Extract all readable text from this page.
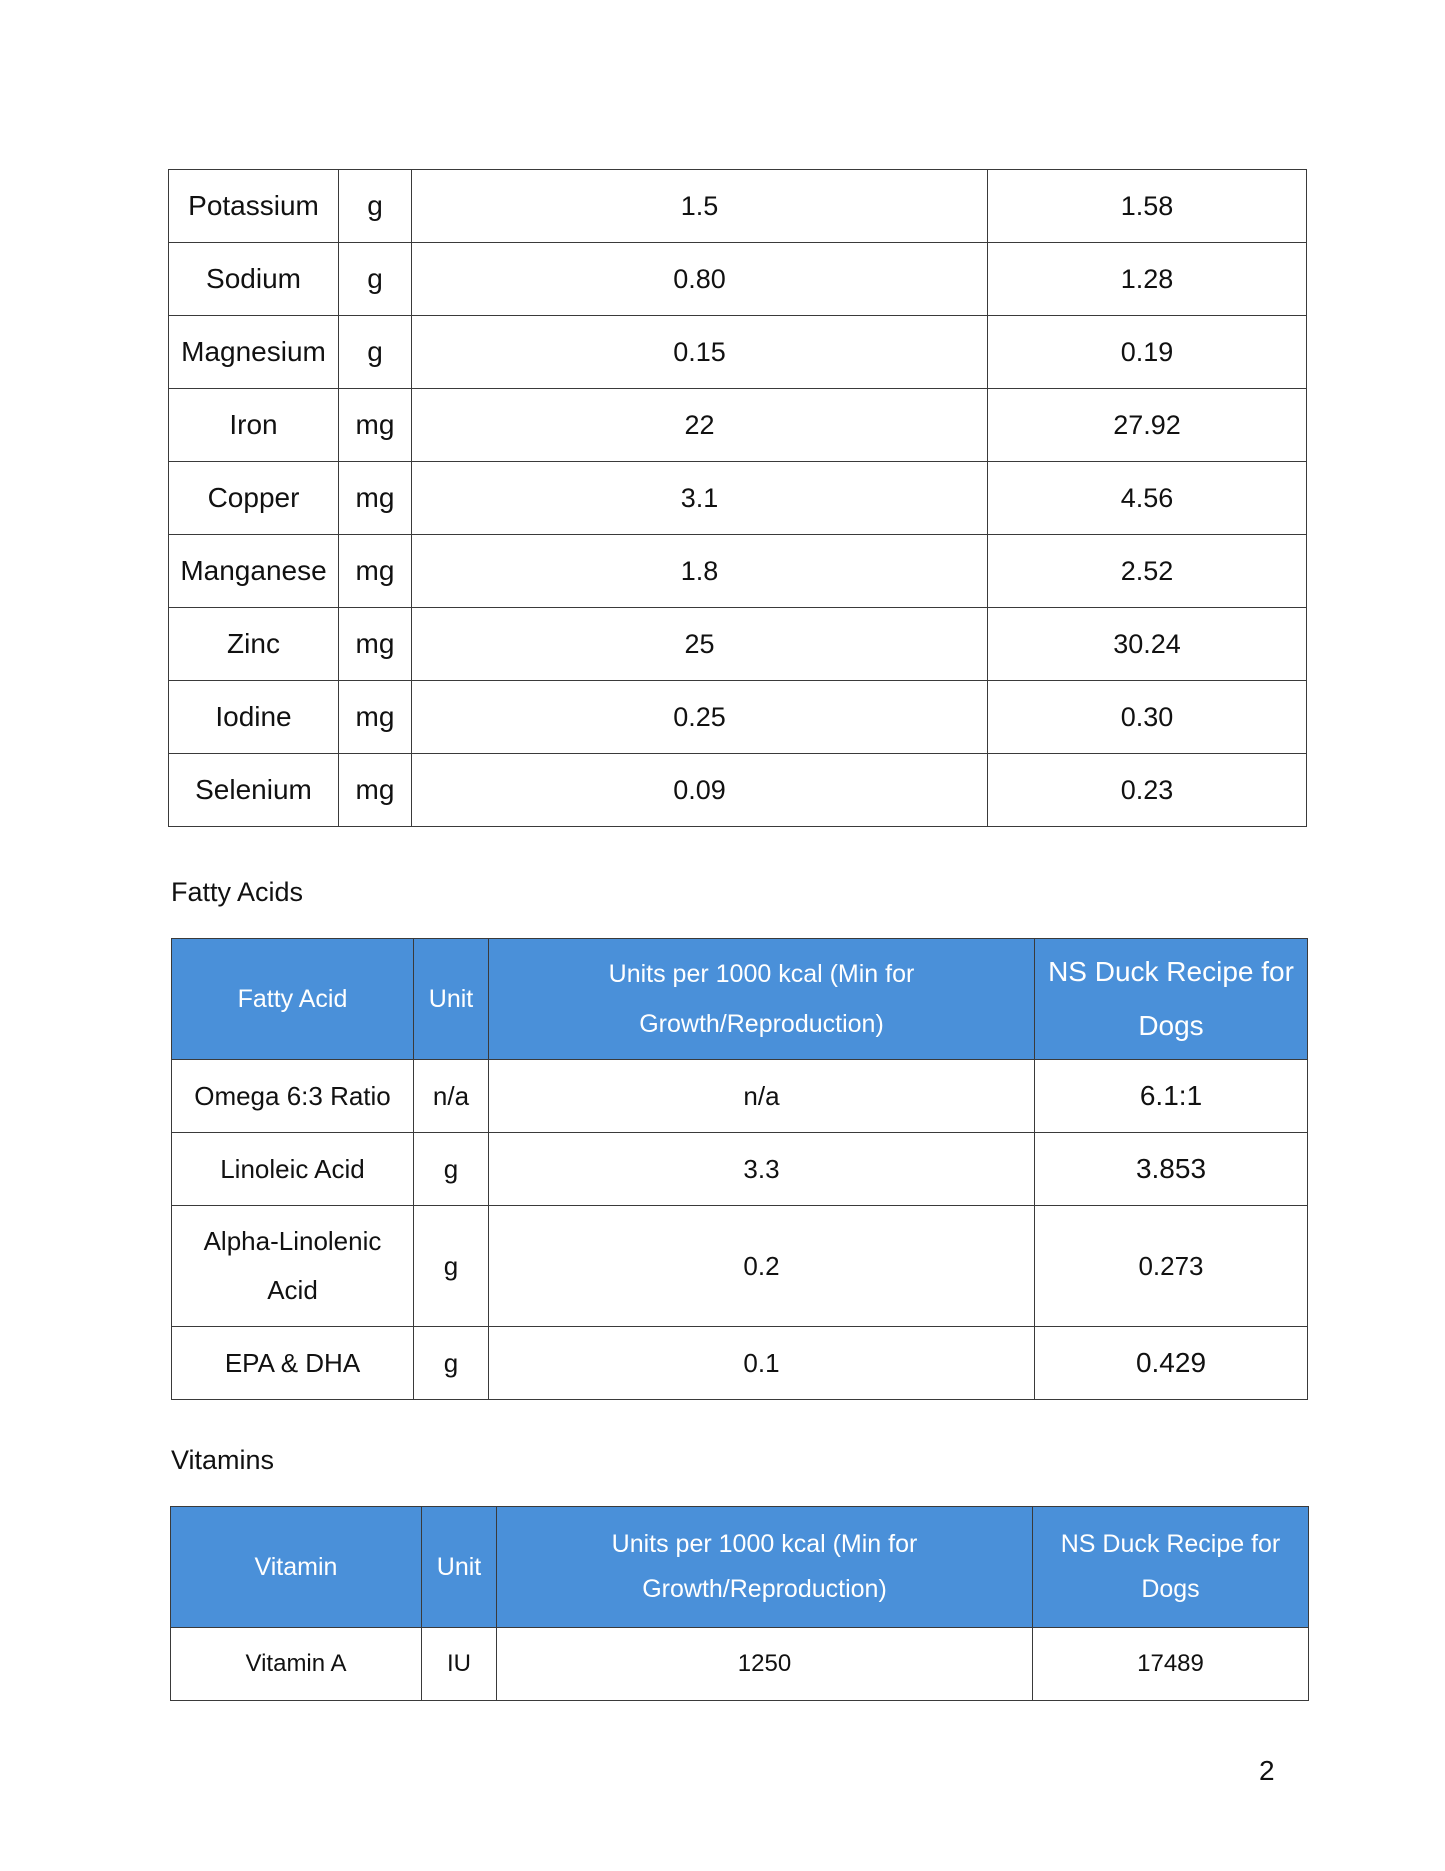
Potassium	g	1.5	1.58
Sodium	g	0.80	1.28
Magnesium	g	0.15	0.19
Iron	mg	22	27.92
Copper	mg	3.1	4.56
Manganese	mg	1.8	2.52
Zinc	mg	25	30.24
Iodine	mg	0.25	0.30
Selenium	mg	0.09	0.23
Fatty Acids
Fatty Acid	Unit	Units per 1000 kcal (Min for Growth/Reproduction)	NS Duck Recipe for Dogs
Omega 6:3 Ratio	n/a	n/a	6.1:1
Linoleic Acid	g	3.3	3.853
Alpha-Linolenic Acid	g	0.2	0.273
EPA & DHA	g	0.1	0.429
Vitamins
Vitamin	Unit	Units per 1000 kcal (Min for Growth/Reproduction)	NS Duck Recipe for Dogs
Vitamin A	IU	1250	17489
2
